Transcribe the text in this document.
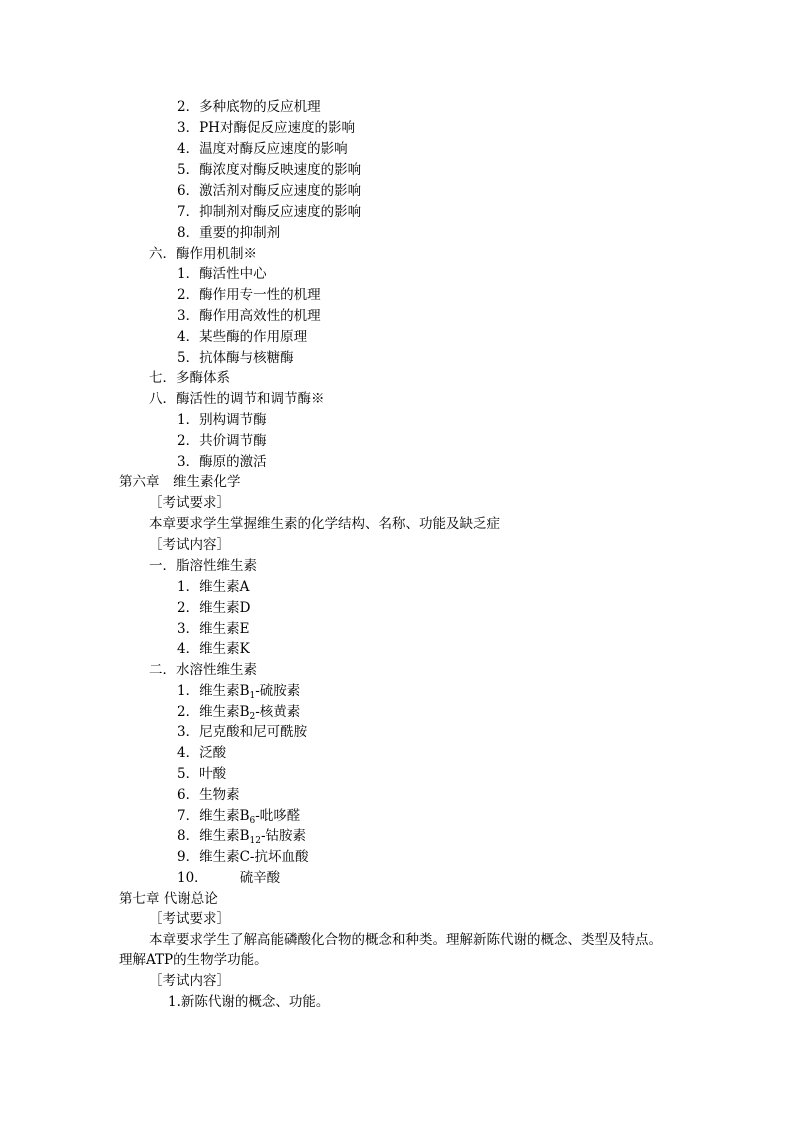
2．多种底物的反应机理
3．PH对酶促反应速度的影响
4．温度对酶反应速度的影响
5．酶浓度对酶反映速度的影响
6．激活剂对酶反应速度的影响
7．抑制剂对酶反应速度的影响
8．重要的抑制剂
六．酶作用机制※
1．酶活性中心
2．酶作用专一性的机理
3．酶作用高效性的机理
4．某些酶的作用原理
5．抗体酶与核糖酶
七．多酶体系
八．酶活性的调节和调节酶※
1．别构调节酶
2．共价调节酶
3．酶原的激活
第六章　维生素化学
［考试要求］
本章要求学生掌握维生素的化学结构、名称、功能及缺乏症
［考试内容］
一．脂溶性维生素
1．维生素A
2．维生素D
3．维生素E
4．维生素K
二．水溶性维生素
1．维生素$B_1-$硫胺素
2．维生素$B_2-$核黄素
3．尼克酸和尼可酰胺
4．泛酸
5．叶酸
6．生物素
7．维生素$B_6-$吡哆醛
8．维生素$B_{12}-$钴胺素
9．维生素C-抗坏血酸
10． 硫辛酸
第七章 代谢总论
［考试要求］
本章要求学生了解高能磷酸化合物的概念和种类。理解新陈代谢的概念、类型及特点。
理解ATP的生物学功能。
［考试内容］
1.新陈代谢的概念、功能。
